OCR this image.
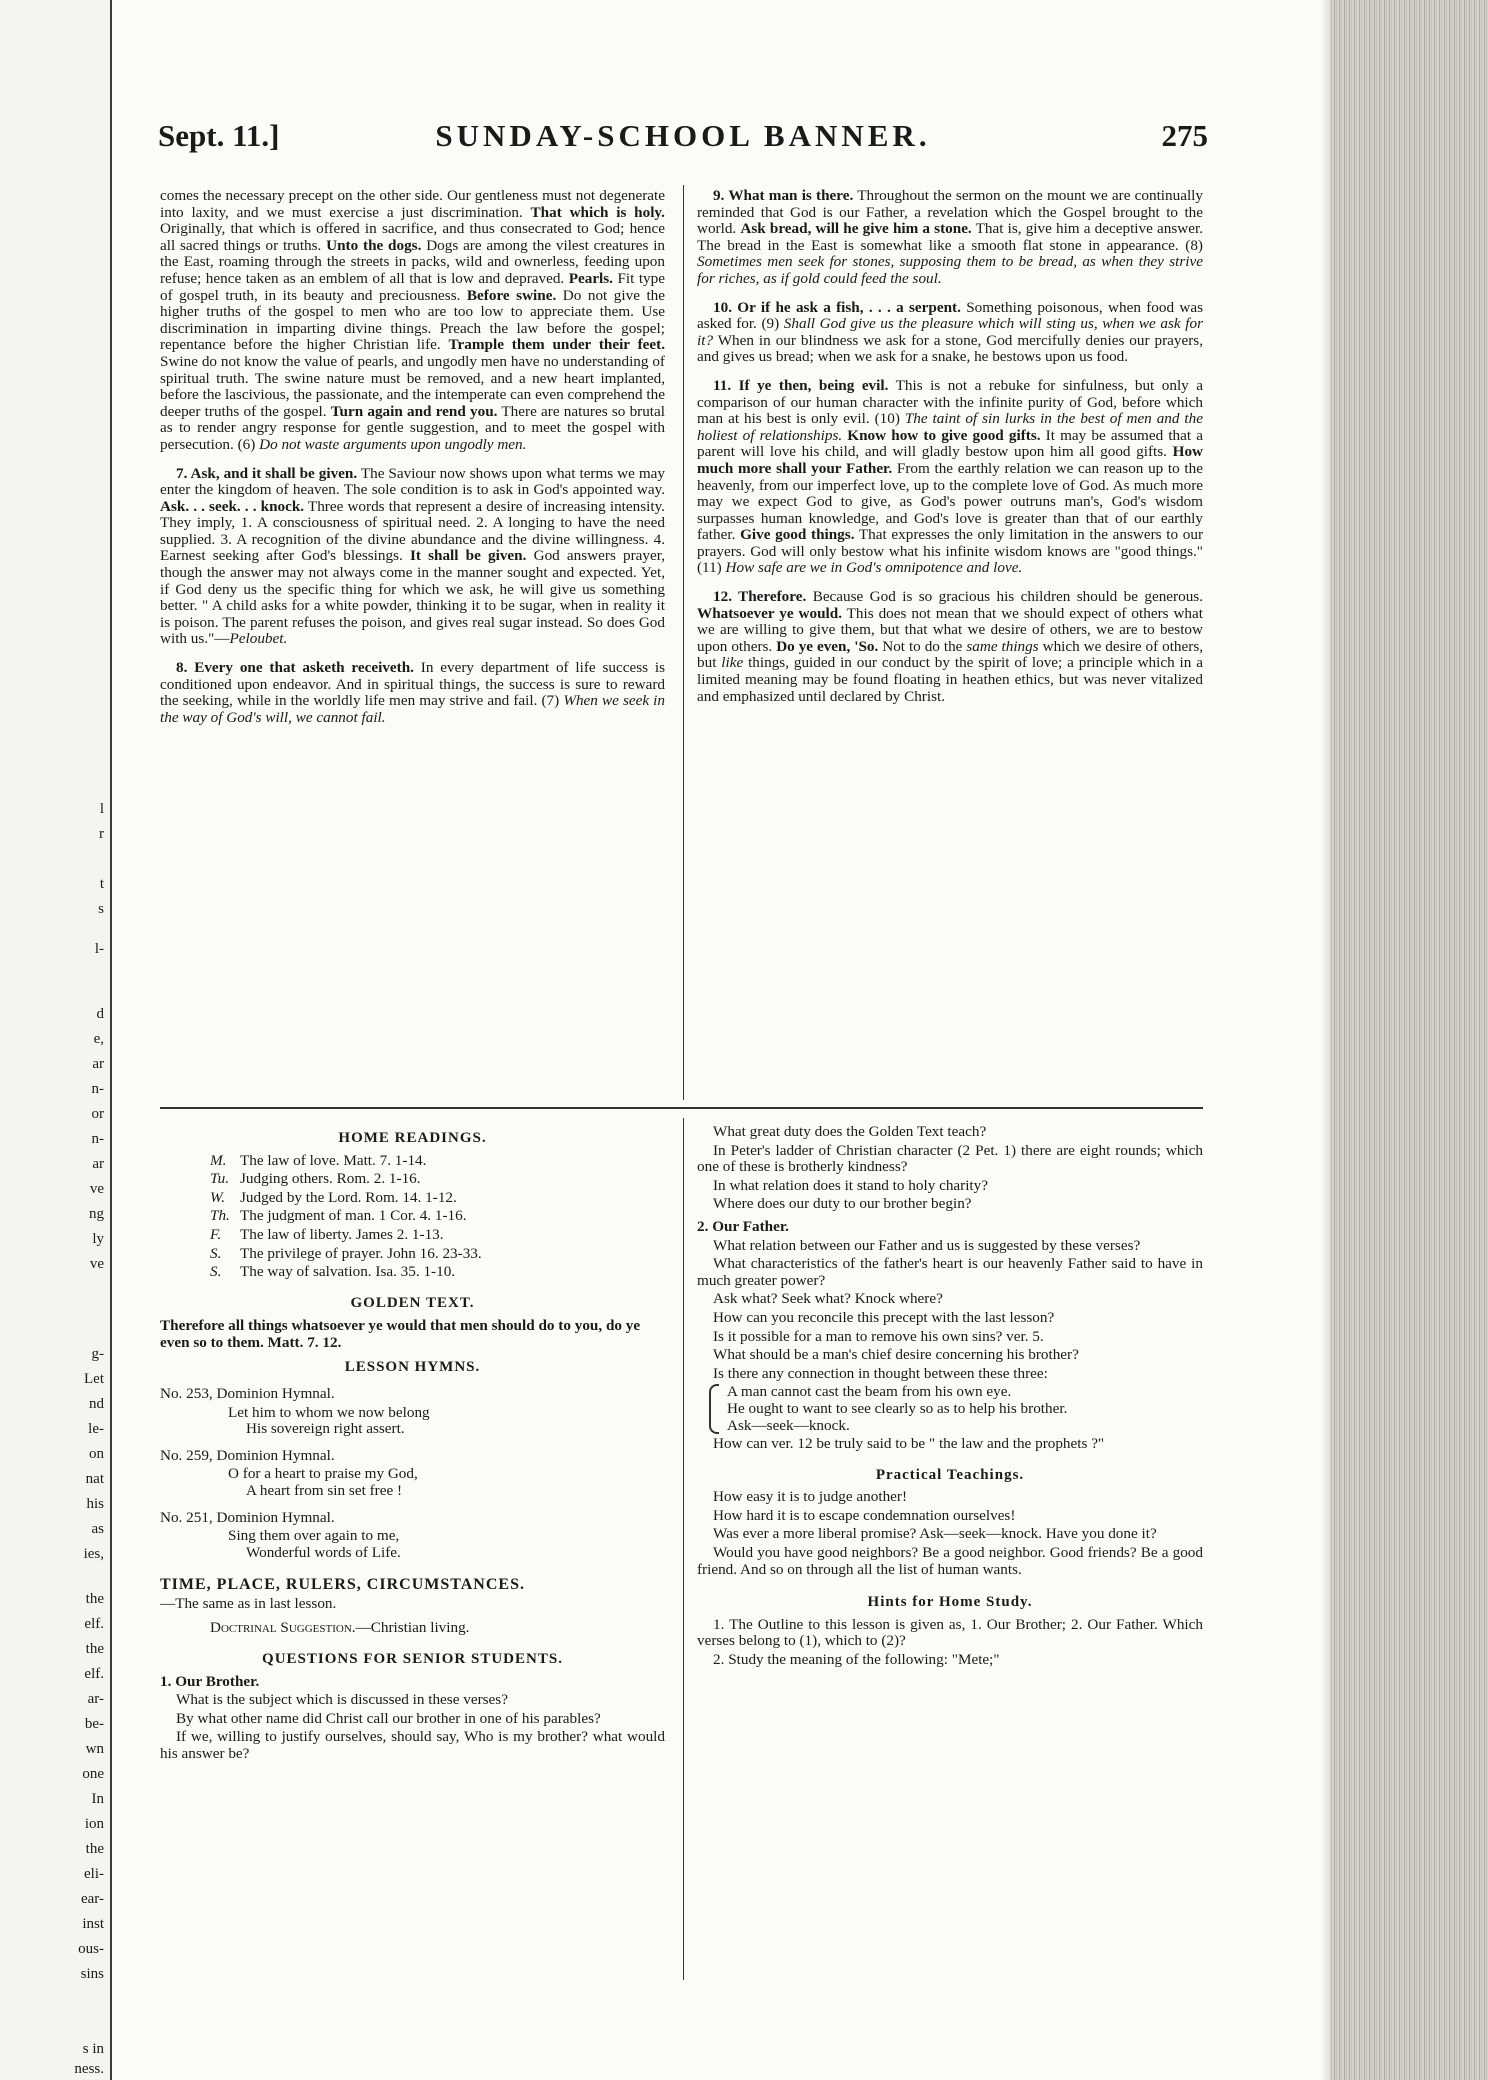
l
r
t
s
l-
d
e,
ar
n-
or
n-
ar
ve
ng
ly
ve
g-
Let
nd
le-
on
nat
his
as
ies,
the
elf.
the
elf.
ar-
be-
wn
one
In
ion
the
eli-
ear-
inst
ous-
sins
s in
ness.
Sept. 11.]	SUNDAY-SCHOOL BANNER.	275

comes the necessary precept on the other side. Our gentleness must not degenerate into laxity, and we must exercise a just discrimination. That which is holy. Originally, that which is offered in sacrifice, and thus consecrated to God; hence all sacred things or truths. Unto the dogs. Dogs are among the vilest creatures in the East, roaming through the streets in packs, wild and ownerless, feeding upon refuse; hence taken as an emblem of all that is low and depraved. Pearls. Fit type of gospel truth, in its beauty and preciousness. Before swine. Do not give the higher truths of the gospel to men who are too low to appreciate them. Use discrimination in imparting divine things. Preach the law before the gospel; repentance before the higher Christian life. Trample them under their feet. Swine do not know the value of pearls, and ungodly men have no understanding of spiritual truth. The swine nature must be removed, and a new heart implanted, before the lascivious, the passionate, and the intemperate can even comprehend the deeper truths of the gospel. Turn again and rend you. There are natures so brutal as to render angry response for gentle suggestion, and to meet the gospel with persecution. (6) Do not waste arguments upon ungodly men.

7. Ask, and it shall be given. The Saviour now shows upon what terms we may enter the kingdom of heaven. The sole condition is to ask in God's appointed way. Ask. . . seek. . . knock. Three words that represent a desire of increasing intensity. They imply, 1. A consciousness of spiritual need. 2. A longing to have the need supplied. 3. A recognition of the divine abundance and the divine willingness. 4. Earnest seeking after God's blessings. It shall be given. God answers prayer, though the answer may not always come in the manner sought and expected. Yet, if God deny us the specific thing for which we ask, he will give us something better. " A child asks for a white powder, thinking it to be sugar, when in reality it is poison. The parent refuses the poison, and gives real sugar instead. So does God with us."—Peloubet.

8. Every one that asketh receiveth. In every department of life success is conditioned upon endeavor. And in spiritual things, the success is sure to reward the seeking, while in the worldly life men may strive and fail. (7) When we seek in the way of God's will, we cannot fail.

9. What man is there. Throughout the sermon on the mount we are continually reminded that God is our Father, a revelation which the Gospel brought to the world. Ask bread, will he give him a stone. That is, give him a deceptive answer. The bread in the East is somewhat like a smooth flat stone in appearance. (8) Sometimes men seek for stones, supposing them to be bread, as when they strive for riches, as if gold could feed the soul.

10. Or if he ask a fish, . . . a serpent. Something poisonous, when food was asked for. (9) Shall God give us the pleasure which will sting us, when we ask for it? When in our blindness we ask for a stone, God mercifully denies our prayers, and gives us bread; when we ask for a snake, he bestows upon us food.

11. If ye then, being evil. This is not a rebuke for sinfulness, but only a comparison of our human character with the infinite purity of God, before which man at his best is only evil. (10) The taint of sin lurks in the best of men and the holiest of relationships. Know how to give good gifts. It may be assumed that a parent will love his child, and will gladly bestow upon him all good gifts. How much more shall your Father. From the earthly relation we can reason up to the heavenly, from our imperfect love, up to the complete love of God. As much more may we expect God to give, as God's power outruns man's, God's wisdom surpasses human knowledge, and God's love is greater than that of our earthly father. Give good things. That expresses the only limitation in the answers to our prayers. God will only bestow what his infinite wisdom knows are "good things." (11) How safe are we in God's omnipotence and love.

12. Therefore. Because God is so gracious his children should be generous. Whatsoever ye would. This does not mean that we should expect of others what we are willing to give them, but that what we desire of others, we are to bestow upon others. Do ye even, 'So. Not to do the same things which we desire of others, but like things, guided in our conduct by the spirit of love; a principle which in a limited meaning may be found floating in heathen ethics, but was never vitalized and emphasized until declared by Christ.

HOME READINGS.
M. The law of love. Matt. 7. 1-14.
Tu. Judging others. Rom. 2. 1-16.
W. Judged by the Lord. Rom. 14. 1-12.
Th. The judgment of man. 1 Cor. 4. 1-16.
F. The law of liberty. James 2. 1-13.
S. The privilege of prayer. John 16. 23-33.
S. The way of salvation. Isa. 35. 1-10.
GOLDEN TEXT.
Therefore all things whatsoever ye would that men should do to you, do ye even so to them. Matt. 7. 12.
LESSON HYMNS.
No. 253, Dominion Hymnal.
Let him to whom we now belong
His sovereign right assert.
No. 259, Dominion Hymnal.
O for a heart to praise my God,
A heart from sin set free !
No. 251, Dominion Hymnal.
Sing them over again to me,
Wonderful words of Life.
TIME, PLACE, RULERS, CIRCUMSTANCES.
—The same as in last lesson.
Doctrinal Suggestion.—Christian living.
QUESTIONS FOR SENIOR STUDENTS.
1. Our Brother.
What is the subject which is discussed in these verses?
By what other name did Christ call our brother in one of his parables?
If we, willing to justify ourselves, should say, Who is my brother? what would his answer be?
What great duty does the Golden Text teach?
In Peter's ladder of Christian character (2 Pet. 1) there are eight rounds; which one of these is brotherly kindness?
In what relation does it stand to holy charity?
Where does our duty to our brother begin?
2. Our Father.
What relation between our Father and us is suggested by these verses?
What characteristics of the father's heart is our heavenly Father said to have in much greater power?
Ask what? Seek what? Knock where?
How can you reconcile this precept with the last lesson?
Is it possible for a man to remove his own sins? ver. 5.
What should be a man's chief desire concerning his brother?
Is there any connection in thought between these three:
A man cannot cast the beam from his own eye.
He ought to want to see clearly so as to help his brother.
Ask—seek—knock.
How can ver. 12 be truly said to be " the law and the prophets ?"
Practical Teachings.
How easy it is to judge another!
How hard it is to escape condemnation ourselves!
Was ever a more liberal promise? Ask—seek—knock. Have you done it?
Would you have good neighbors? Be a good neighbor. Good friends? Be a good friend. And so on through all the list of human wants.
Hints for Home Study.
1. The Outline to this lesson is given as, 1. Our Brother; 2. Our Father. Which verses belong to (1), which to (2)?
2. Study the meaning of the following: "Mete;"
